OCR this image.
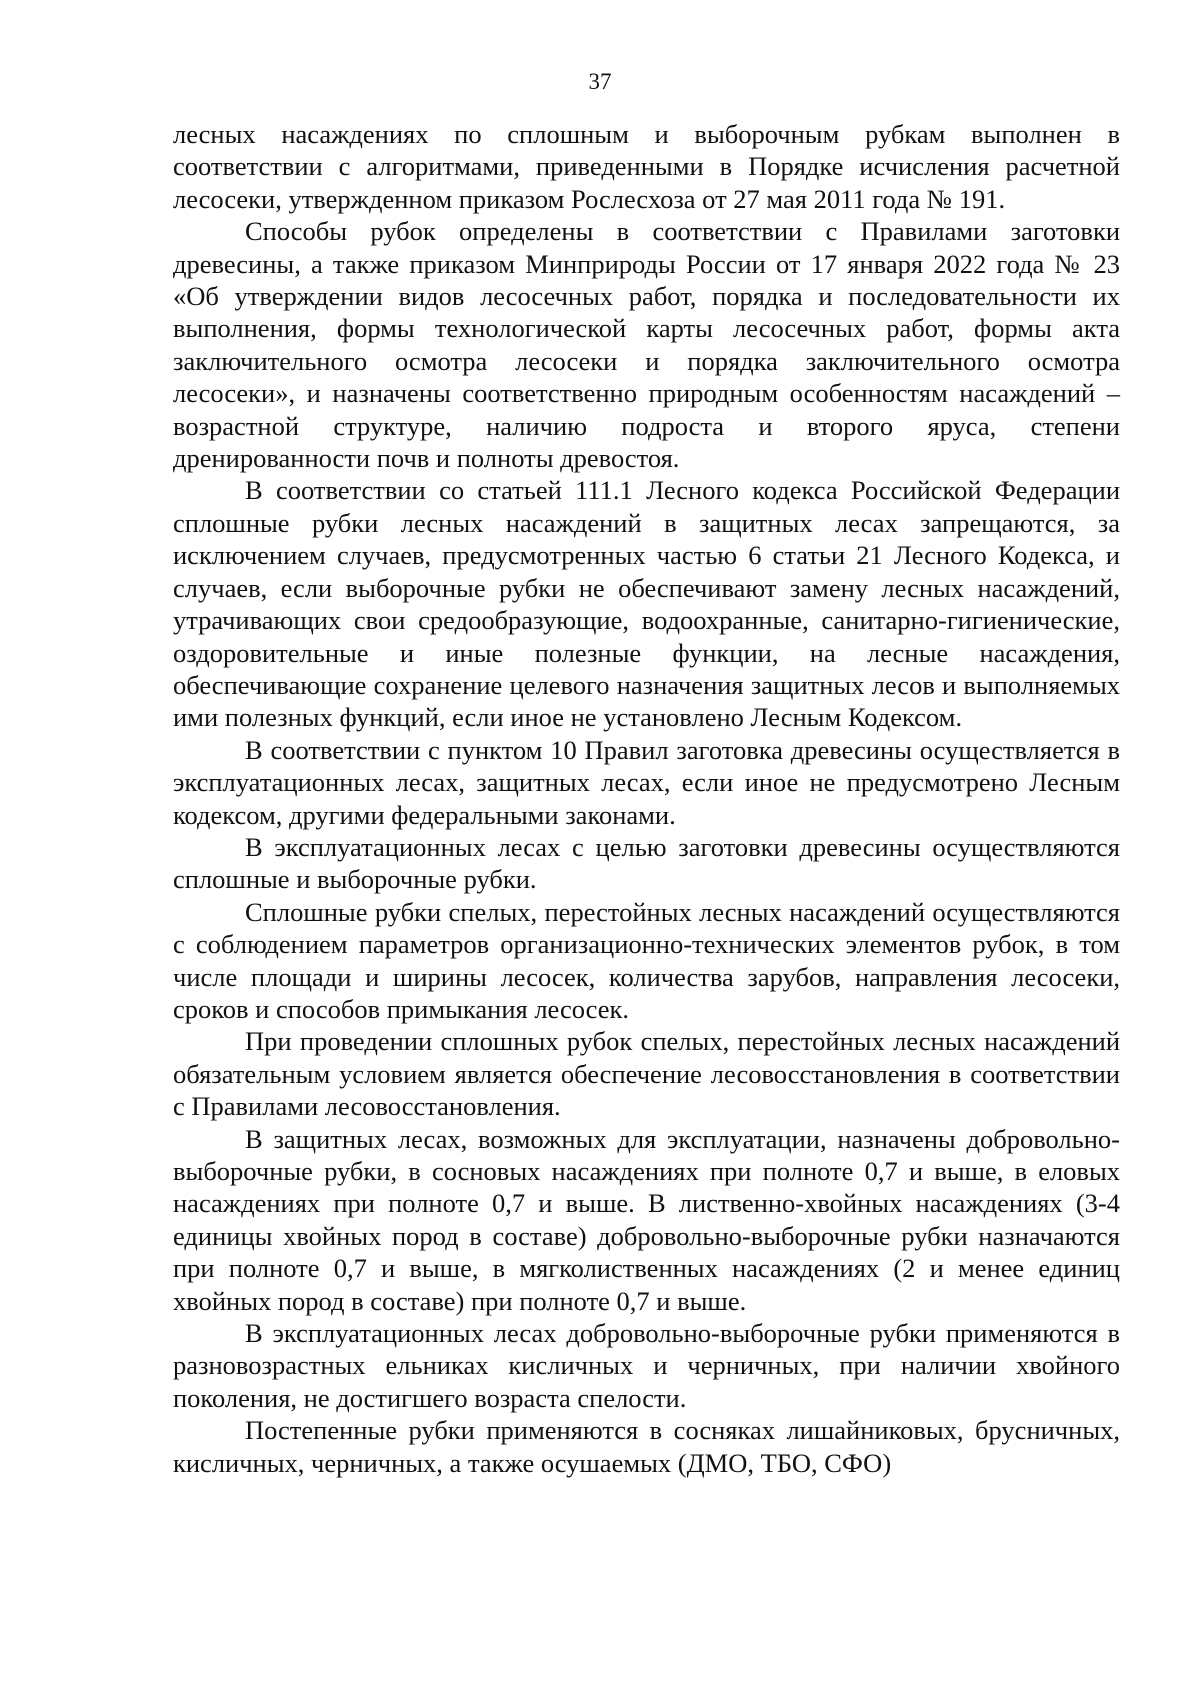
37

лесных насаждениях по сплошным и выборочным рубкам выполнен в соответствии с алгоритмами, приведенными в Порядке исчисления расчетной лесосеки, утвержденном приказом Рослесхоза от 27 мая 2011 года № 191.

Способы рубок определены в соответствии с Правилами заготовки древесины, а также приказом Минприроды России от 17 января 2022 года № 23 «Об утверждении видов лесосечных работ, порядка и последовательности их выполнения, формы технологической карты лесосечных работ, формы акта заключительного осмотра лесосеки и порядка заключительного осмотра лесосеки», и назначены соответственно природным особенностям насаждений – возрастной структуре, наличию подроста и второго яруса, степени дренированности почв и полноты древостоя.

В соответствии со статьей 111.1 Лесного кодекса Российской Федерации сплошные рубки лесных насаждений в защитных лесах запрещаются, за исключением случаев, предусмотренных частью 6 статьи 21 Лесного Кодекса, и случаев, если выборочные рубки не обеспечивают замену лесных насаждений, утрачивающих свои средообразующие, водоохранные, санитарно-гигиенические, оздоровительные и иные полезные функции, на лесные насаждения, обеспечивающие сохранение целевого назначения защитных лесов и выполняемых ими полезных функций, если иное не установлено Лесным Кодексом.

В соответствии с пунктом 10 Правил заготовка древесины осуществляется в эксплуатационных лесах, защитных лесах, если иное не предусмотрено Лесным кодексом, другими федеральными законами.

В эксплуатационных лесах с целью заготовки древесины осуществляются сплошные и выборочные рубки.

Сплошные рубки спелых, перестойных лесных насаждений осуществляются с соблюдением параметров организационно-технических элементов рубок, в том числе площади и ширины лесосек, количества зарубов, направления лесосеки, сроков и способов примыкания лесосек.

При проведении сплошных рубок спелых, перестойных лесных насаждений обязательным условием является обеспечение лесовосстановления в соответствии с Правилами лесовосстановления.

В защитных лесах, возможных для эксплуатации, назначены добровольно-выборочные рубки, в сосновых насаждениях при полноте 0,7 и выше, в еловых насаждениях при полноте 0,7 и выше. В лиственно-хвойных насаждениях (3-4 единицы хвойных пород в составе) добровольно-выборочные рубки назначаются при полноте 0,7 и выше, в мягколиственных насаждениях (2 и менее единиц хвойных пород в составе) при полноте 0,7 и выше.

В эксплуатационных лесах добровольно-выборочные рубки применяются в разновозрастных ельниках кисличных и черничных, при наличии хвойного поколения, не достигшего возраста спелости.

Постепенные рубки применяются в сосняках лишайниковых, брусничных, кисличных, черничных, а также осушаемых (ДМО, ТБО, СФО)
